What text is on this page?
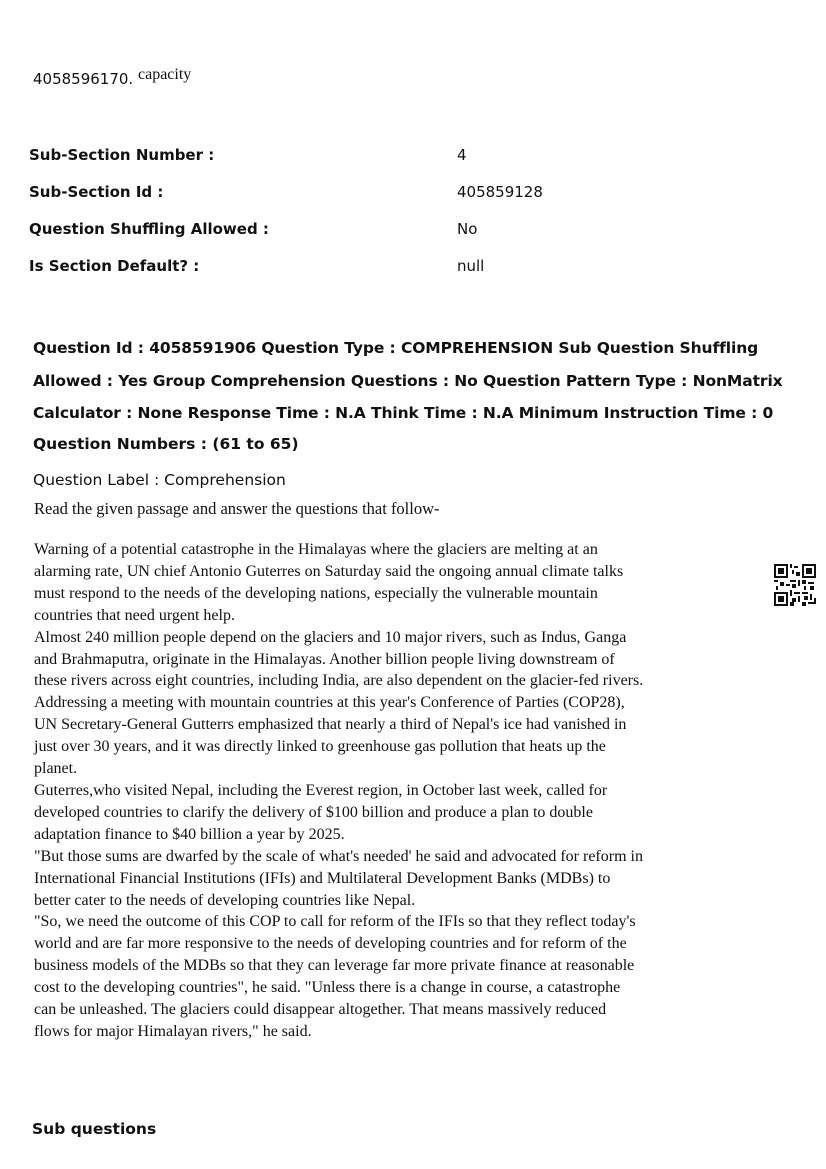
4058596170. capacity
Sub-Section Number :	4
Sub-Section Id :	405859128
Question Shuffling Allowed :	No
Is Section Default? :	null
Question Id : 4058591906 Question Type : COMPREHENSION Sub Question Shuffling Allowed : Yes Group Comprehension Questions : No Question Pattern Type : NonMatrix Calculator : None Response Time : N.A Think Time : N.A Minimum Instruction Time : 0
Question Numbers : (61 to 65)
Question Label : Comprehension
Read the given passage and answer the questions that follow-

Warning of a potential catastrophe in the Himalayas where the glaciers are melting at an alarming rate, UN chief Antonio Guterres on Saturday said the ongoing annual climate talks must respond to the needs of the developing nations, especially the vulnerable mountain countries that need urgent help.

Almost 240 million people depend on the glaciers and 10 major rivers, such as Indus, Ganga and Brahmaputra, originate in the Himalayas. Another billion people living downstream of these rivers across eight countries, including India, are also dependent on the glacier-fed rivers.

Addressing a meeting with mountain countries at this year's Conference of Parties (COP28), UN Secretary-General Gutterrs emphasized that nearly a third of Nepal's ice had vanished in just over 30 years, and it was directly linked to greenhouse gas pollution that heats up the planet.

Guterres,who visited Nepal, including the Everest region, in October last week, called for developed countries to clarify the delivery of $100 billion and produce a plan to double adaptation finance to $40 billion a year by 2025.

"But those sums are dwarfed by the scale of what's needed' he said and advocated for reform in International Financial Institutions (IFIs) and Multilateral Development Banks (MDBs) to better cater to the needs of developing countries like Nepal.

"So, we need the outcome of this COP to call for reform of the IFIs so that they reflect today's world and are far more responsive to the needs of developing countries and for reform of the business models of the MDBs so that they can leverage far more private finance at reasonable cost to the developing countries", he said. "Unless there is a change in course, a catastrophe can be unleashed. The glaciers could disappear altogether. That means massively reduced flows for major Himalayan rivers," he said.

Sub questions
